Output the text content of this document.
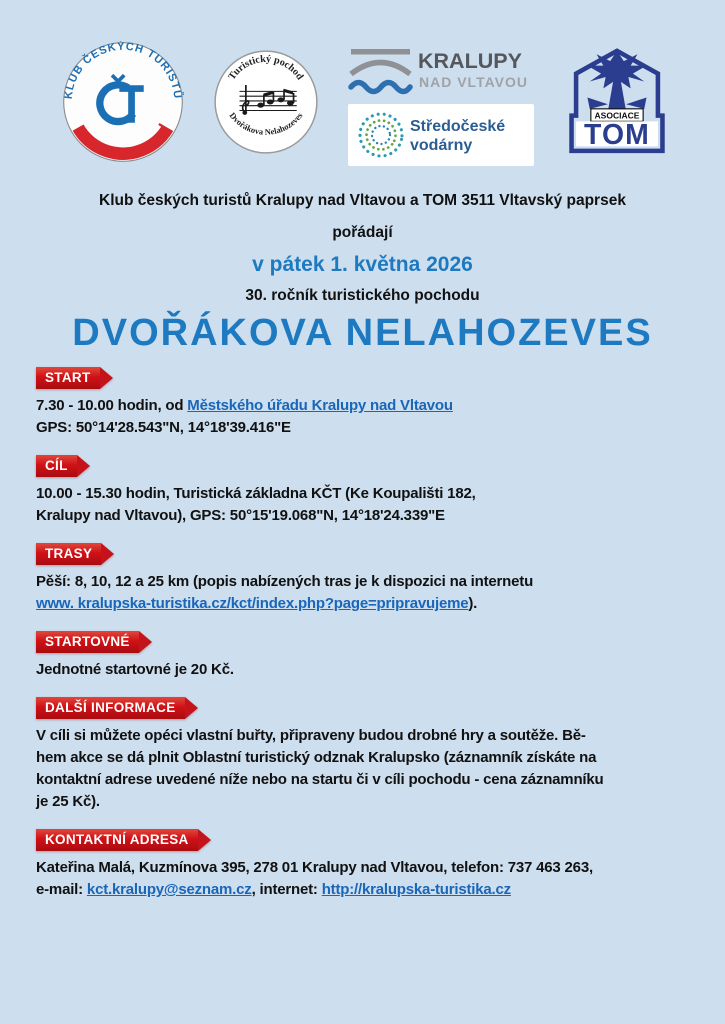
KLUB ČESKÝCH TURISTŮ
Turistický pochod
Dvořákova Nelahozeves
KRALUPY
NAD VLTAVOU
Středočeské
vodárny
ASOCIACE
TOM
Klub českých turistů Kralupy nad Vltavou a TOM 3511 Vltavský paprsek
pořádají
v pátek 1. května 2026
30. ročník turistického pochodu
DVOŘÁKOVA NELAHOZEVES
START

7.30 - 10.00 hodin, od Městského úřadu Kralupy nad Vltavou
GPS: 50°14'28.543"N, 14°18'39.416"E

CÍL

10.00 - 15.30 hodin, Turistická základna KČT (Ke Koupališti 182,
Kralupy nad Vltavou), GPS: 50°15'19.068"N, 14°18'24.339"E

TRASY

Pěší: 8, 10, 12 a 25 km (popis nabízených tras je k dispozici na internetu
www. kralupska-turistika.cz/kct/index.php?page=pripravujeme).

STARTOVNÉ

Jednotné startovné je 20 Kč.

DALŠÍ INFORMACE

V cíli si můžete opéci vlastní buřty, připraveny budou drobné hry a soutěže. Bě-
hem akce se dá plnit Oblastní turistický odznak Kralupsko (záznamník získáte na
kontaktní adrese uvedené níže nebo na startu či v cíli pochodu - cena záznamníku
je 25 Kč).

KONTAKTNÍ ADRESA

Kateřina Malá, Kuzmínova 395, 278 01 Kralupy nad Vltavou, telefon: 737 463 263,
e-mail: kct.kralupy@seznam.cz, internet: http://kralupska-turistika.cz
